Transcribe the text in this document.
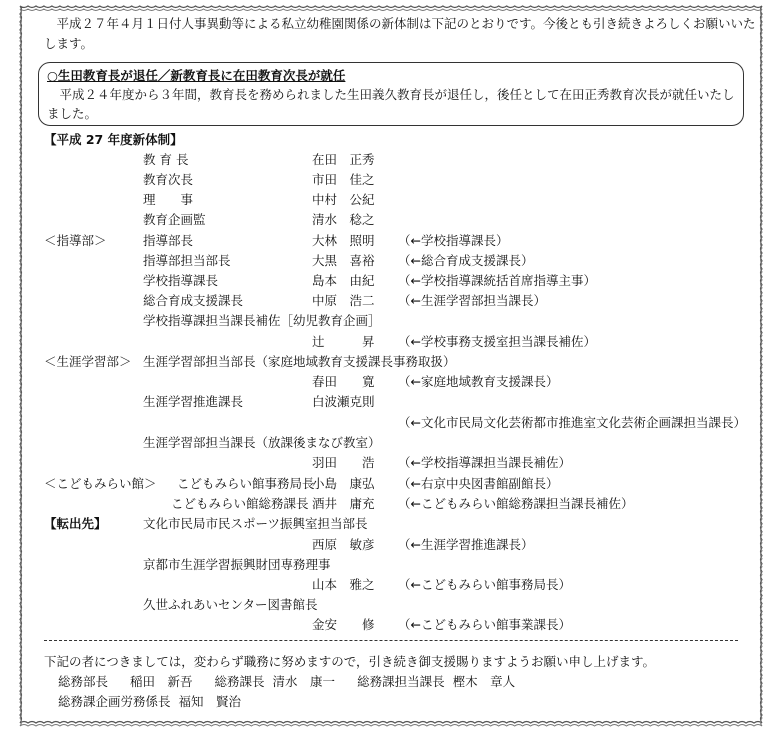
平成２７年４月１日付人事異動等による私立幼稚園関係の新体制は下記のとおりです。今後とも引き続きよろしくお願いいたします。

○生田教育長が退任／新教育長に在田教育次長が就任
平成２４年度から３年間，教育長を務められました生田義久教育長が退任し，後任として在田正秀教育次長が就任いたしました。
【平成 27 年度新体制】
教 育 長	在田　正秀
教育次長	市田　佳之
理　　事	中村　公紀
教育企画監	清水　稔之
＜指導部＞	指導部長	大林　照明 （←学校指導課長）
指導部担当部長	大黒　喜裕 （←総合育成支援課長）
学校指導課長	島本　由紀 （←学校指導課統括首席指導主事）
総合育成支援課長	中原　浩二 （←生涯学習部担当課長）
学校指導課担当課長補佐［幼児教育企画］
辻　　　昇 （←学校事務支援室担当課長補佐）
＜生涯学習部＞ 生涯学習部担当部長（家庭地域教育支援課長事務取扱）
春田　　寛 （←家庭地域教育支援課長）
生涯学習推進課長	白波瀬克則
（←文化市民局文化芸術都市推進室文化芸術企画課担当課長）
生涯学習部担当課長（放課後まなび教室）
羽田　　浩 （←学校指導課担当課長補佐）
＜こどもみらい館＞ こどもみらい館事務局長
小島　康弘 （←右京中央図書館副館長）
こどもみらい館総務課長 酒井　庸充 （←こどもみらい館総務課担当課長補佐）
【転出先】	文化市民局市民スポーツ振興室担当部長
西原　敏彦 （←生涯学習推進課長）
京都市生涯学習振興財団専務理事
山本　雅之 （←こどもみらい館事務局長）
久世ふれあいセンター図書館長
金安　　修 （←こどもみらい館事業課長）
下記の者につきましては，変わらず職務に努めますので，引き続き御支援賜りますようお願い申し上げます。
総務部長 稲田　新吾 総務課長 清水　康一 総務課担当課長 樫木　章人
総務課企画労務係長 福知　賢治
